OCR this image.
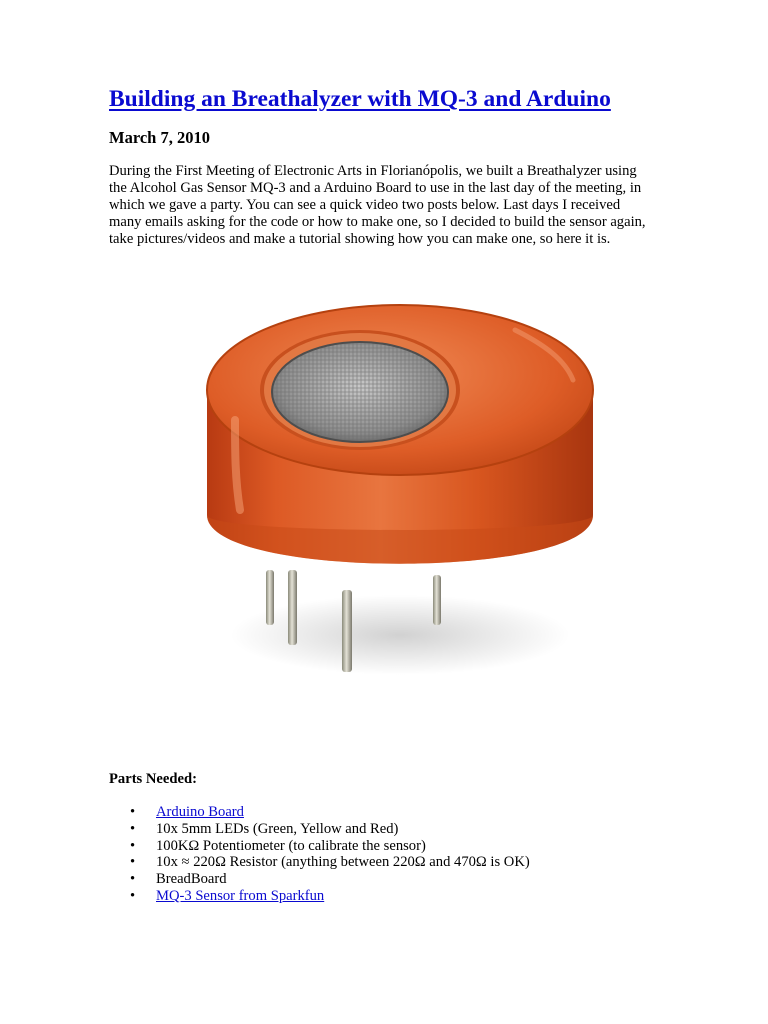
Building an Breathalyzer with MQ-3 and Arduino

March 7, 2010

During the First Meeting of Electronic Arts in Florianópolis, we built a Breathalyzer using the Alcohol Gas Sensor MQ-3 and a Arduino Board to use in the last day of the meeting, in which we gave a party. You can see a quick video two posts below. Last days I received many emails asking for the code or how to make one, so I decided to build the sensor again, take pictures/videos and make a tutorial showing how you can make one, so here it is.

Parts Needed:

• Arduino Board
• 10x 5mm LEDs (Green, Yellow and Red)
• 100KΩ Potentiometer (to calibrate the sensor)
• 10x ≈ 220Ω Resistor (anything between 220Ω and 470Ω is OK)
• BreadBoard
• MQ-3 Sensor from Sparkfun
